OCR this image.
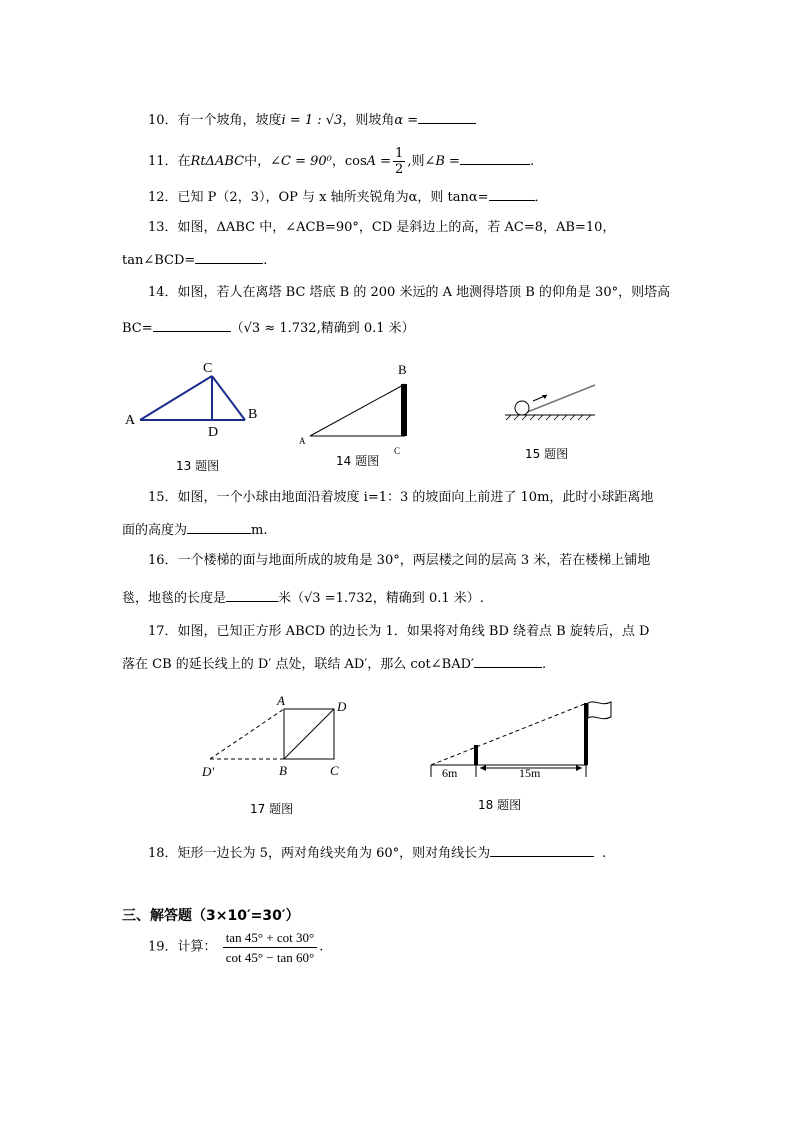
10．有一个坡角，坡度i = 1 : √3，则坡角α =
11．在RtΔABC中，∠C = 90⁰，$\cos A = \frac{1}{2}$ ,则∠B =	.
12．已知 P（2，3），OP 与 x 轴所夹锐角为α，则 tanα=	．
13．如图，ΔABC 中，∠ACB=90°，CD 是斜边上的高，若 AC=8，AB=10，
tan∠BCD=	.
14．如图，若人在离塔 BC 塔底 B 的 200 米远的 A 地测得塔顶 B 的仰角是 30°，则塔高
BC=	（√3 ≈ 1.732,精确到 0.1 米）
A	B
C
D
13 题图
A
B
C
14 题图	15 题图
15．如图，一个小球由地面沿着坡度 i=1：3 的坡面向上前进了 10m，此时小球距离地
面的高度为	m.
16．一个楼梯的面与地面所成的坡角是 30°，两层楼之间的层高 3 米，若在楼梯上铺地
毯，地毯的长度是	米（√3 =1.732，精确到 0.1 米）.
17．如图，已知正方形 ABCD 的边长为 1．如果将对角线 BD 绕着点 B 旋转后，点 D
落在 CB 的延长线上的 D′ 点处，联结 AD′，那么 cot∠BAD′	.
A	D
D′	B	C
17 题图
6m	15m
18 题图
18．矩形一边长为 5，两对角线夹角为 60°，则对角线长为	.
三、解答题（3×10′=30′）
19．计算： $\frac{\tan 45^\circ + \cot 30^\circ}{\cot 45^\circ - \tan 60^\circ}$ .
